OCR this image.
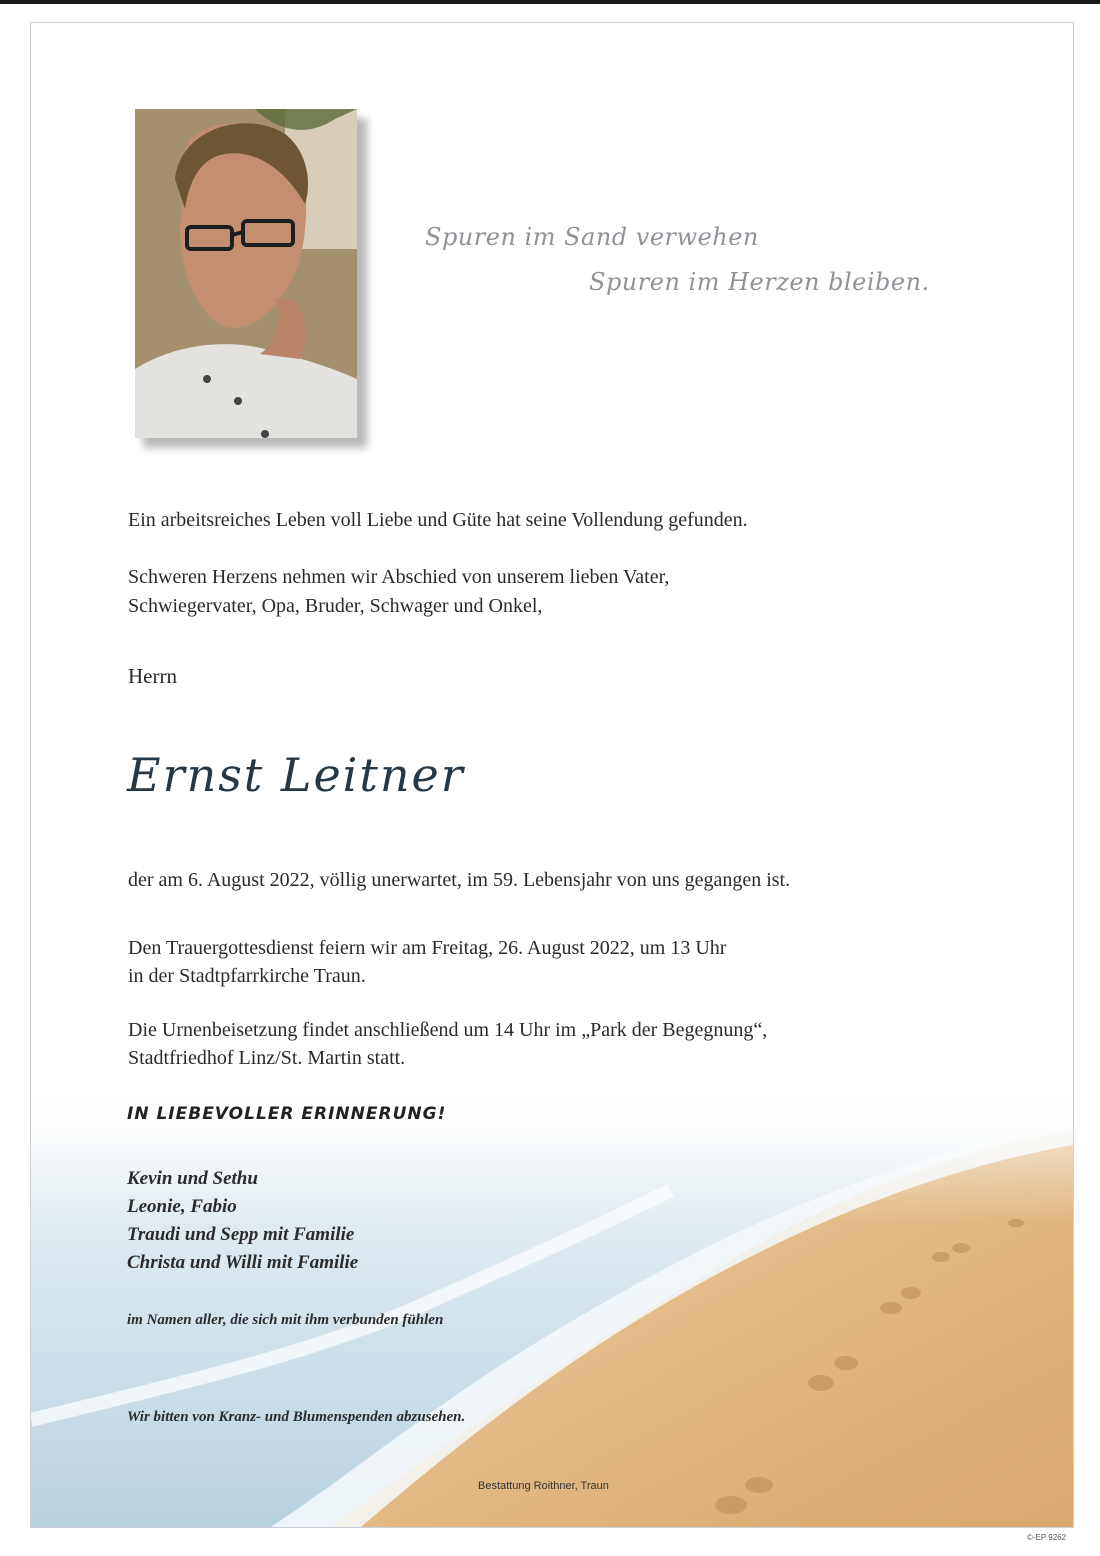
Spuren im Sand verwehen
Spuren im Herzen bleiben.
Ein arbeitsreiches Leben voll Liebe und Güte hat seine Vollendung gefunden.
Schweren Herzens nehmen wir Abschied von unserem lieben Vater,
Schwiegervater, Opa, Bruder, Schwager und Onkel,
Herrn
Ernst Leitner
der am 6. August 2022, völlig unerwartet, im 59. Lebensjahr von uns gegangen ist.
Den Trauergottesdienst feiern wir am Freitag, 26. August 2022, um 13 Uhr
in der Stadtpfarrkirche Traun.
Die Urnenbeisetzung findet anschließend um 14 Uhr im „Park der Begegnung“,
Stadtfriedhof Linz/St. Martin statt.
IN LIEBEVOLLER ERINNERUNG!
Kevin und Sethu
Leonie, Fabio
Traudi und Sepp mit Familie
Christa und Willi mit Familie
im Namen aller, die sich mit ihm verbunden fühlen
Wir bitten von Kranz- und Blumenspenden abzusehen.
Bestattung Roithner, Traun
©-EP 9262
